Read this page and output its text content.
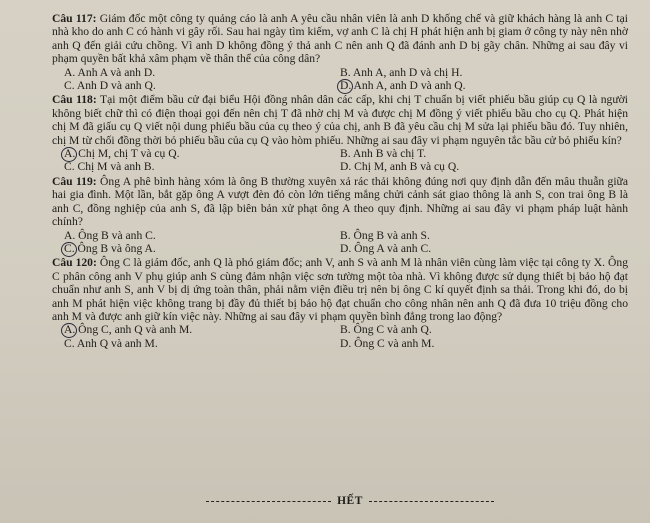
Câu 117: Giám đốc một công ty quảng cáo là anh A yêu cầu nhân viên là anh D khống chế và giữ khách hàng là anh C tại nhà kho do anh C có hành vi gây rối. Sau hai ngày tìm kiếm, vợ anh C là chị H phát hiện anh bị giam ở công ty này nên nhờ anh Q đến giải cứu chồng. Vì anh D không đồng ý thả anh C nên anh Q đã đánh anh D bị gãy chân. Những ai sau đây vi phạm quyền bất khả xâm phạm về thân thể của công dân?

A. Anh A và anh D.	B. Anh A, anh D và chị H.
C. Anh D và anh Q.	D. Anh A, anh D và anh Q.

Câu 118: Tại một điểm bầu cử đại biểu Hội đồng nhân dân các cấp, khi chị T chuẩn bị viết phiếu bầu giúp cụ Q là người không biết chữ thì có điện thoại gọi đến nên chị T đã nhờ chị M và được chị M đồng ý viết phiếu bầu cho cụ Q. Phát hiện chị M đã giấu cụ Q viết nội dung phiếu bầu của cụ theo ý của chị, anh B đã yêu cầu chị M sửa lại phiếu bầu đó. Tuy nhiên, chị M từ chối đồng thời bỏ phiếu bầu của cụ Q vào hòm phiếu. Những ai sau đây vi phạm nguyên tắc bầu cử bỏ phiếu kín?

A. Chị M, chị T và cụ Q.	B. Anh B và chị T.
C. Chị M và anh B.	D. Chị M, anh B và cụ Q.

Câu 119: Ông A phê bình hàng xóm là ông B thường xuyên xả rác thải không đúng nơi quy định dẫn đến mâu thuẫn giữa hai gia đình. Một lần, bắt gặp ông A vượt đèn đỏ còn lớn tiếng mắng chửi cảnh sát giao thông là anh S, con trai ông B là anh C, đồng nghiệp của anh S, đã lập biên bản xử phạt ông A theo quy định. Những ai sau đây vi phạm pháp luật hành chính?

A. Ông B và anh C.	B. Ông B và anh S.
C. Ông B và ông A.	D. Ông A và anh C.

Câu 120: Ông C là giám đốc, anh Q là phó giám đốc; anh V, anh S và anh M là nhân viên cùng làm việc tại công ty X. Ông C phân công anh V phụ giúp anh S cùng đảm nhận việc sơn tường một tòa nhà. Vì không được sử dụng thiết bị bảo hộ đạt chuẩn như anh S, anh V bị dị ứng toàn thân, phải nằm viện điều trị nên bị ông C kí quyết định sa thải. Trong khi đó, do bị anh M phát hiện việc không trang bị đầy đủ thiết bị bảo hộ đạt chuẩn cho công nhân nên anh Q đã đưa 10 triệu đồng cho anh M và được anh giữ kín việc này. Những ai sau đây vi phạm quyền bình đẳng trong lao động?

A. Ông C, anh Q và anh M.	B. Ông C và anh Q.
C. Anh Q và anh M.	D. Ông C và anh M.
HẾT
